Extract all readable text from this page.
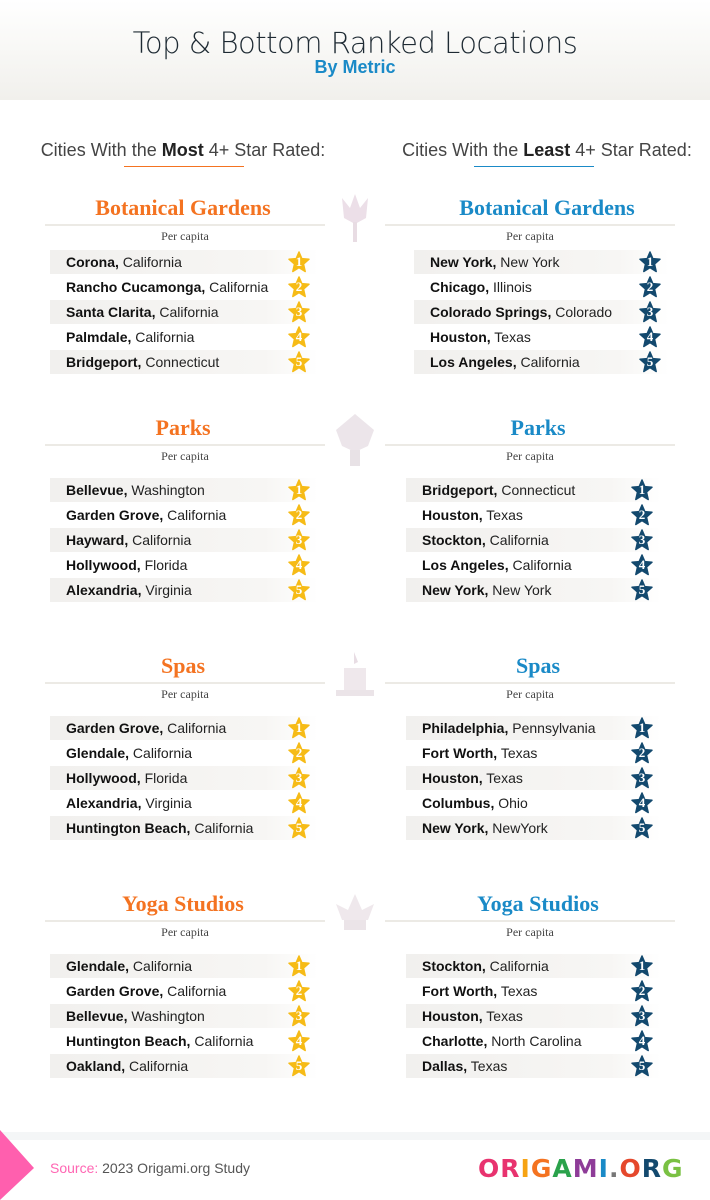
Top & Bottom Ranked Locations
By Metric
Cities With the Most 4+ Star Rated:	Cities With the Least 4+ Star Rated:
Botanical Gardens
Per capita
Corona, California	1
Rancho Cucamonga, California	2
Santa Clarita, California	3
Palmdale, California	4
Bridgeport, Connecticut	5
Botanical Gardens
Per capita
New York, New York	1
Chicago, Illinois	2
Colorado Springs, Colorado	3
Houston, Texas	4
Los Angeles, California	5
Parks
Per capita
Bellevue, Washington	1
Garden Grove, California	2
Hayward, California	3
Hollywood, Florida	4
Alexandria, Virginia	5
Parks
Per capita
Bridgeport, Connecticut	1
Houston, Texas	2
Stockton, California	3
Los Angeles, California	4
New York, New York	5
Spas
Per capita
Garden Grove, California	1
Glendale, California	2
Hollywood, Florida	3
Alexandria, Virginia	4
Huntington Beach, California	5
Spas
Per capita
Philadelphia, Pennsylvania	1
Fort Worth, Texas	2
Houston, Texas	3
Columbus, Ohio	4
New York, NewYork	5
Yoga Studios
Per capita
Glendale, California	1
Garden Grove, California	2
Bellevue, Washington	3
Huntington Beach, California	4
Oakland, California	5
Yoga Studios
Per capita
Stockton, California	1
Fort Worth, Texas	2
Houston, Texas	3
Charlotte, North Carolina	4
Dallas, Texas	5
Source: 2023 Origami.org Study	ORIGAMI.ORG
